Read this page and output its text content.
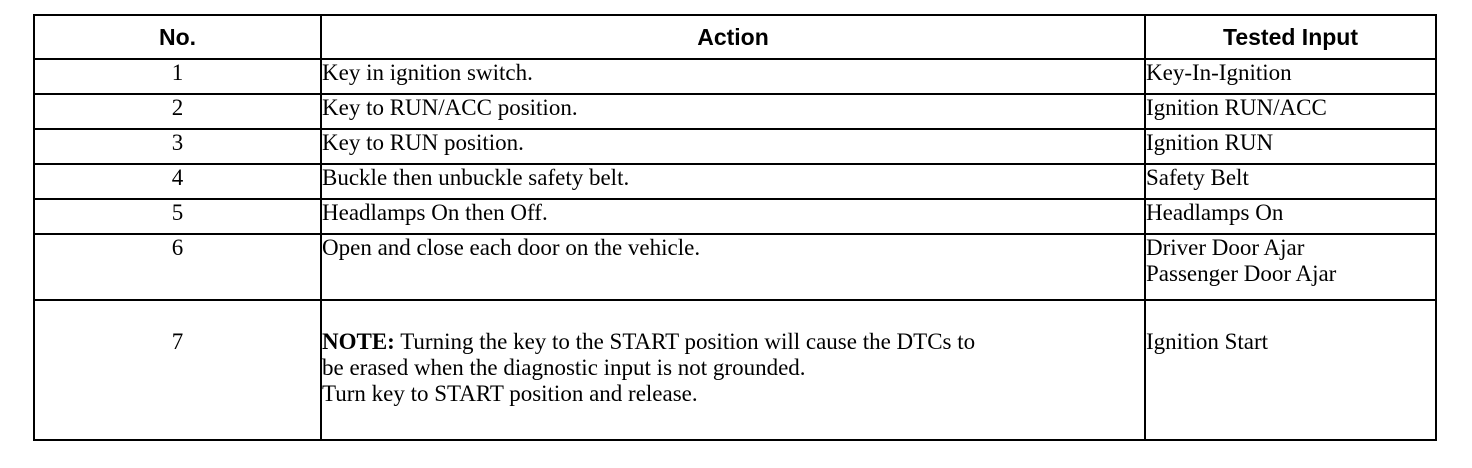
No.	Action	Tested Input
1	Key in ignition switch.	Key-In-Ignition
2	Key to RUN/ACC position.	Ignition RUN/ACC
3	Key to RUN position.	Ignition RUN
4	Buckle then unbuckle safety belt.	Safety Belt
5	Headlamps On then Off.	Headlamps On
6	Open and close each door on the vehicle.	Driver Door Ajar
Passenger Door Ajar

7	NOTE: Turning the key to the START position will cause the DTCs to
be erased when the diagnostic input is not grounded.
Turn key to START position and release.	Ignition Start
